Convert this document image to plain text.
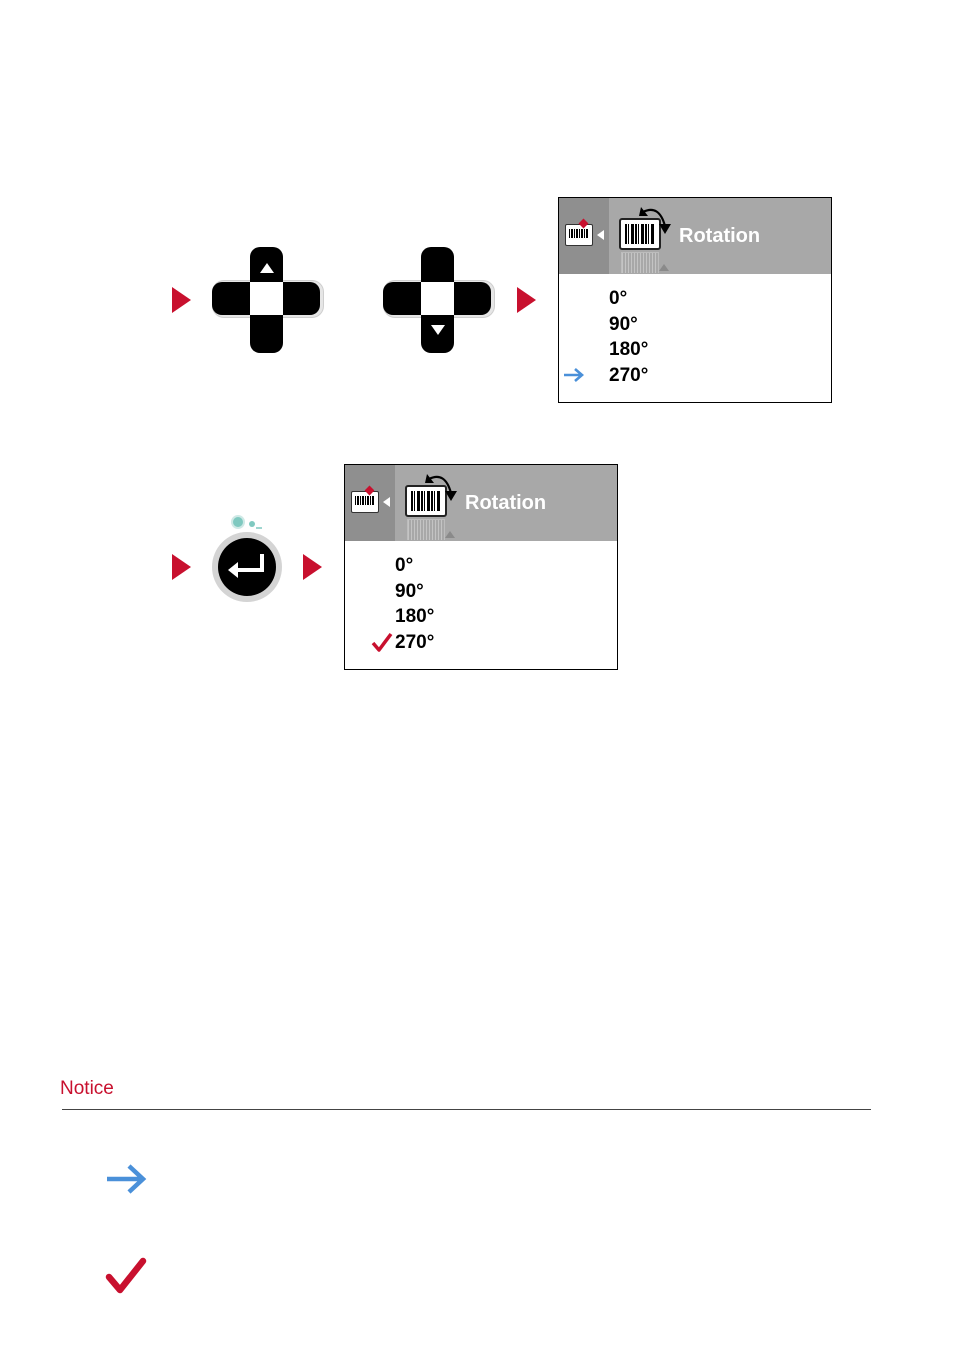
Rotation
0°
90°
180°
270°
Rotation
0°
90°
180°
270°
Notice
